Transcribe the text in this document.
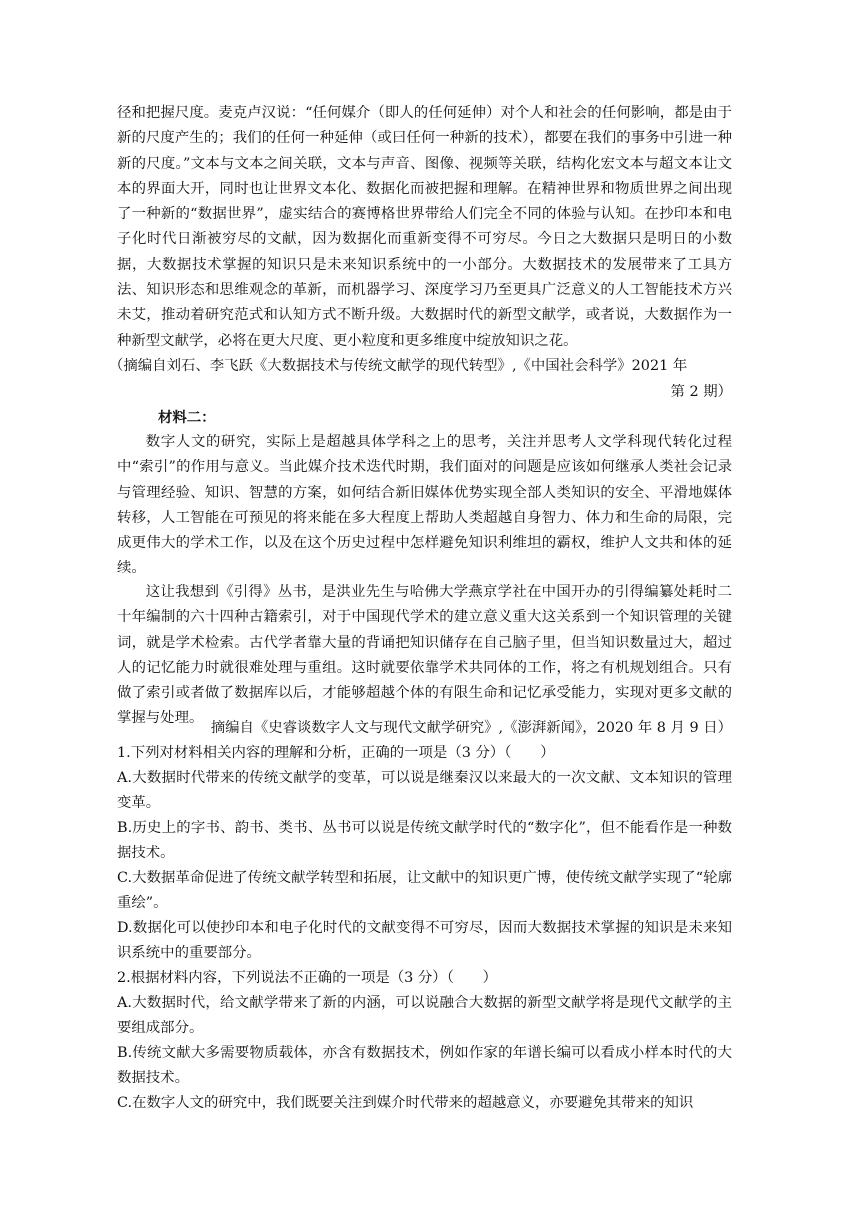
径和把握尺度。麦克卢汉说：“任何媒介（即人的任何延伸）对个人和社会的任何影响，都是由于新的尺度产生的；我们的任何一种延伸（或曰任何一种新的技术），都要在我们的事务中引进一种新的尺度。”文本与文本之间关联，文本与声音、图像、视频等关联，结构化宏文本与超文本让文本的界面大开，同时也让世界文本化、数据化而被把握和理解。在精神世界和物质世界之间出现了一种新的“数据世界”，虚实结合的赛博格世界带给人们完全不同的体验与认知。在抄印本和电子化时代日渐被穷尽的文献，因为数据化而重新变得不可穷尽。今日之大数据只是明日的小数据，大数据技术掌握的知识只是未来知识系统中的一小部分。大数据技术的发展带来了工具方法、知识形态和思维观念的革新，而机器学习、深度学习乃至更具广泛意义的人工智能技术方兴未艾，推动着研究范式和认知方式不断升级。大数据时代的新型文献学，或者说，大数据作为一种新型文献学，必将在更大尺度、更小粒度和更多维度中绽放知识之花。

（摘编自刘石、李飞跃《大数据技术与传统文献学的现代转型》,《中国社会科学》2021 年

第 2 期）

材料二：

数字人文的研究，实际上是超越具体学科之上的思考，关注并思考人文学科现代转化过程中“索引”的作用与意义。当此媒介技术迭代时期，我们面对的问题是应该如何继承人类社会记录与管理经验、知识、智慧的方案，如何结合新旧媒体优势实现全部人类知识的安全、平滑地媒体转移，人工智能在可预见的将来能在多大程度上帮助人类超越自身智力、体力和生命的局限，完成更伟大的学术工作，以及在这个历史过程中怎样避免知识利维坦的霸权，维护人文共和体的延续。

这让我想到《引得》丛书，是洪业先生与哈佛大学燕京学社在中国开办的引得编纂处耗时二十年编制的六十四种古籍索引，对于中国现代学术的建立意义重大这关系到一个知识管理的关键词，就是学术检索。古代学者靠大量的背诵把知识储存在自己脑子里，但当知识数量过大，超过人的记忆能力时就很难处理与重组。这时就要依靠学术共同体的工作，将之有机规划组合。只有做了索引或者做了数据库以后，才能够超越个体的有限生命和记忆承受能力，实现对更多文献的掌握与处理。

摘编自《史睿谈数字人文与现代文献学研究》,《澎湃新闻》，2020 年 8 月 9 日）

1.下列对材料相关内容的理解和分析，正确的一项是（3 分）（　　）

A.大数据时代带来的传统文献学的变革，可以说是继秦汉以来最大的一次文献、文本知识的管理变革。

B.历史上的字书、韵书、类书、丛书可以说是传统文献学时代的“数字化”，但不能看作是一种数据技术。

C.大数据革命促进了传统文献学转型和拓展，让文献中的知识更广博，使传统文献学实现了“轮廓重绘”。

D.数据化可以使抄印本和电子化时代的文献变得不可穷尽，因而大数据技术掌握的知识是未来知识系统中的重要部分。

2.根据材料内容，下列说法不正确的一项是（3 分）（　　）

A.大数据时代，给文献学带来了新的内涵，可以说融合大数据的新型文献学将是现代文献学的主要组成部分。

B.传统文献大多需要物质载体，亦含有数据技术，例如作家的年谱长编可以看成小样本时代的大数据技术。

C.在数字人文的研究中，我们既要关注到媒介时代带来的超越意义，亦要避免其带来的知识
